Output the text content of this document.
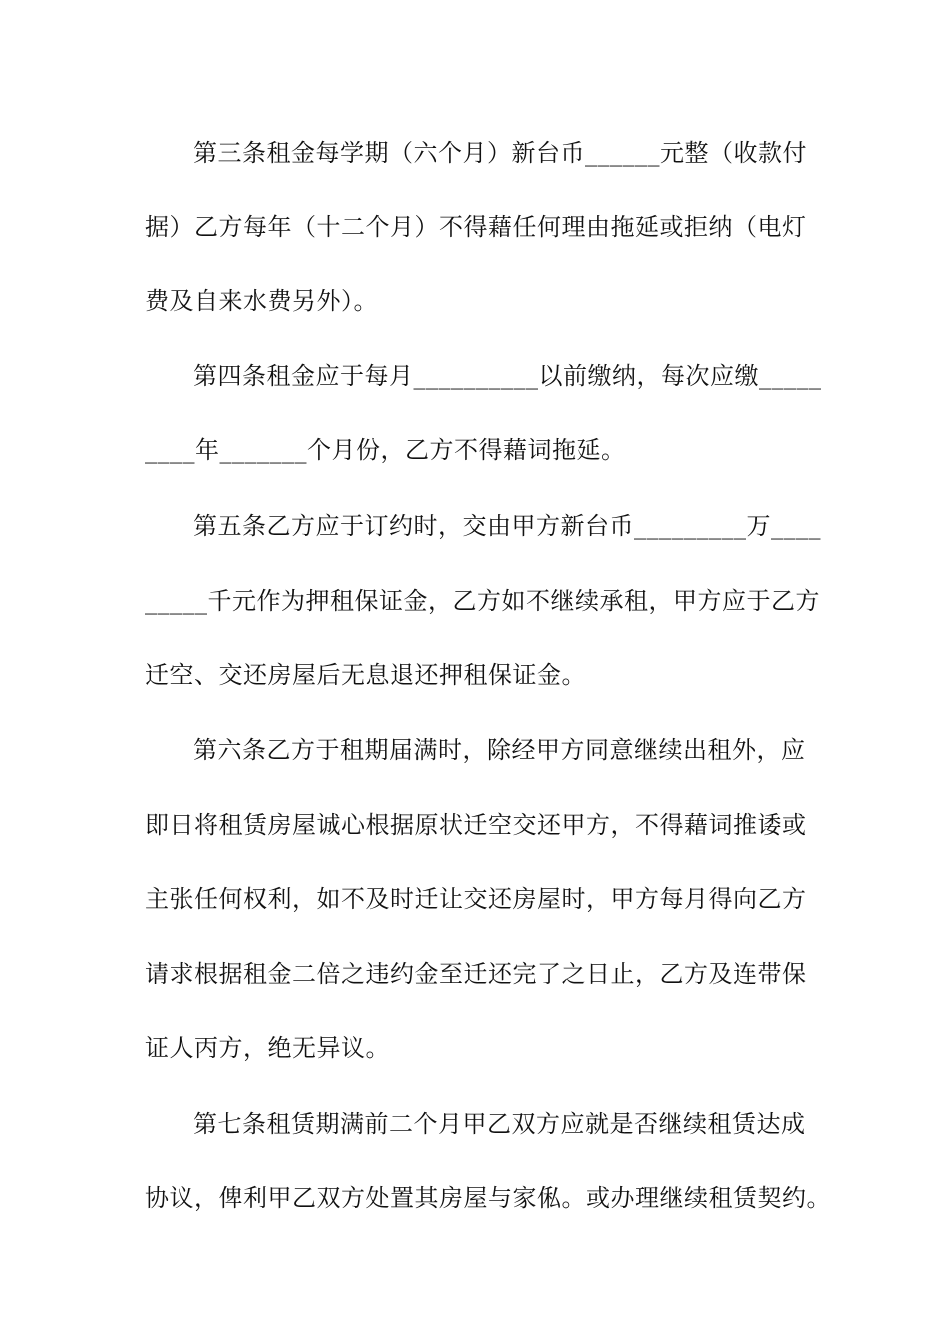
第三条租金每学期（六个月）新台币______元整（收款付
据）乙方每年（十二个月）不得藉任何理由拖延或拒纳（电灯
费及自来水费另外）。
第四条租金应于每月__________以前缴纳，每次应缴_____
____年_______个月份，乙方不得藉词拖延。
第五条乙方应于订约时，交由甲方新台币_________万____
_____千元作为押租保证金，乙方如不继续承租，甲方应于乙方
迁空、交还房屋后无息退还押租保证金。
第六条乙方于租期届满时，除经甲方同意继续出租外，应
即日将租赁房屋诚心根据原状迁空交还甲方，不得藉词推诿或
主张任何权利，如不及时迁让交还房屋时，甲方每月得向乙方
请求根据租金二倍之违约金至迁还完了之日止，乙方及连带保
证人丙方，绝无异议。
第七条租赁期满前二个月甲乙双方应就是否继续租赁达成
协议，俾利甲乙双方处置其房屋与家俬。或办理继续租赁契约。
